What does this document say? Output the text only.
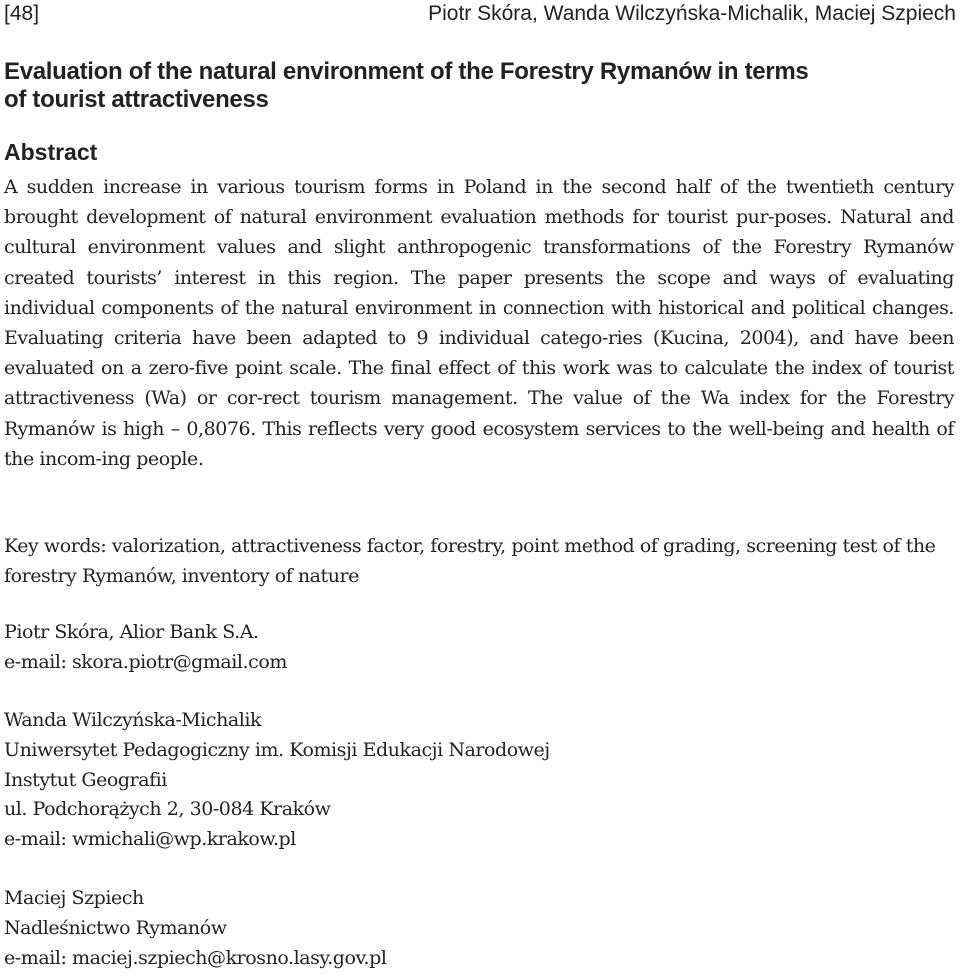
[48]	Piotr Skóra, Wanda Wilczyńska-Michalik, Maciej Szpiech
Evaluation of the natural environment of the Forestry Rymanów in terms
of tourist attractiveness
Abstract

A sudden increase in various tourism forms in Poland in the second half of the twentieth century brought development of natural environment evaluation methods for tourist pur-poses. Natural and cultural environment values and slight anthropogenic transformations of the Forestry Rymanów created tourists’ interest in this region. The paper presents the scope and ways of evaluating individual components of the natural environment in connection with historical and political changes. Evaluating criteria have been adapted to 9 individual catego-ries (Kucina, 2004), and have been evaluated on a zero-five point scale. The final effect of this work was to calculate the index of tourist attractiveness (Wa) or cor-rect tourism management. The value of the Wa index for the Forestry Rymanów is high – 0,8076. This reflects very good ecosystem services to the well-being and health of the incom-ing people.

Key words: valorization, attractiveness factor, forestry, point method of grading, screening test of the forestry Rymanów, inventory of nature

Piotr Skóra, Alior Bank S.A.
e-mail: skora.piotr@gmail.com
Wanda Wilczyńska-Michalik
Uniwersytet Pedagogiczny im. Komisji Edukacji Narodowej
Instytut Geografii
ul. Podchorążych 2, 30-084 Kraków
e-mail: wmichali@wp.krakow.pl
Maciej Szpiech
Nadleśnictwo Rymanów
e-mail: maciej.szpiech@krosno.lasy.gov.pl
